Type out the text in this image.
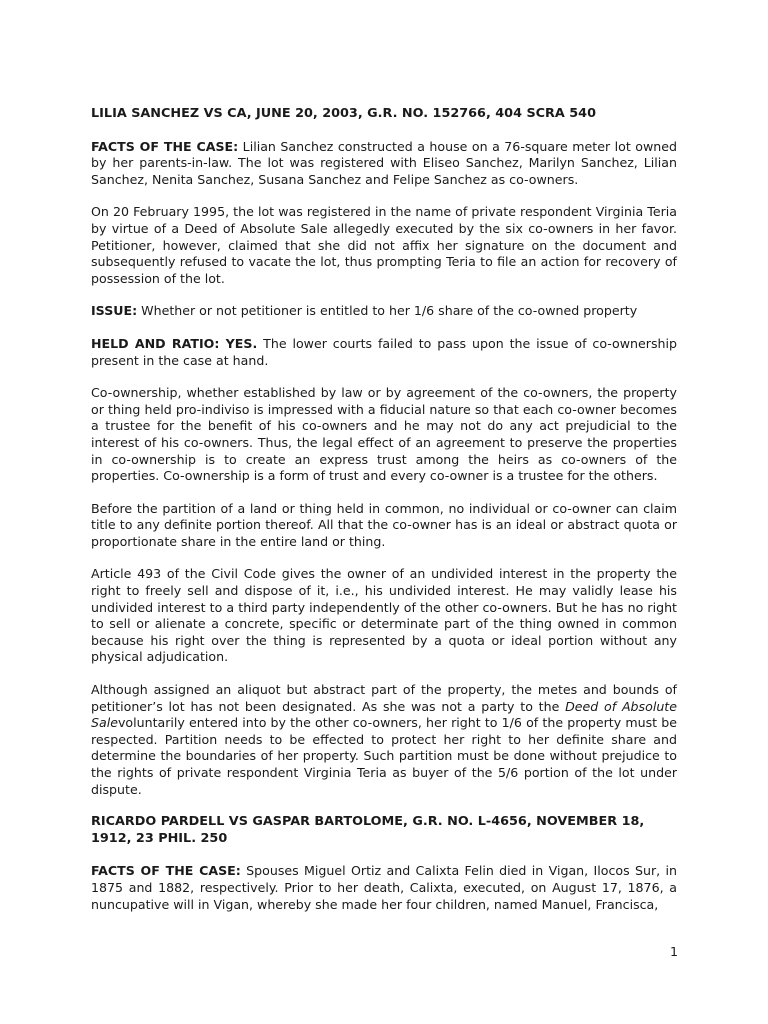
LILIA SANCHEZ VS CA, JUNE 20, 2003, G.R. NO. 152766, 404 SCRA 540

FACTS OF THE CASE: Lilian Sanchez constructed a house on a 76-square meter lot owned by her parents-in-law. The lot was registered with Eliseo Sanchez, Marilyn Sanchez, Lilian Sanchez, Nenita Sanchez, Susana Sanchez and Felipe Sanchez as co-owners.

On 20 February 1995, the lot was registered in the name of private respondent Virginia Teria by virtue of a Deed of Absolute Sale allegedly executed by the six co-owners in her favor. Petitioner, however, claimed that she did not affix her signature on the document and subsequently refused to vacate the lot, thus prompting Teria to file an action for recovery of possession of the lot.

ISSUE: Whether or not petitioner is entitled to her 1/6 share of the co-owned property

HELD AND RATIO: YES. The lower courts failed to pass upon the issue of co-ownership present in the case at hand.

Co-ownership, whether established by law or by agreement of the co-owners, the property or thing held pro-indiviso is impressed with a fiducial nature so that each co-owner becomes a trustee for the benefit of his co-owners and he may not do any act prejudicial to the interest of his co-owners. Thus, the legal effect of an agreement to preserve the properties in co-ownership is to create an express trust among the heirs as co-owners of the properties. Co-ownership is a form of trust and every co-owner is a trustee for the others.

Before the partition of a land or thing held in common, no individual or co-owner can claim title to any definite portion thereof. All that the co-owner has is an ideal or abstract quota or proportionate share in the entire land or thing.

Article 493 of the Civil Code gives the owner of an undivided interest in the property the right to freely sell and dispose of it, i.e., his undivided interest. He may validly lease his undivided interest to a third party independently of the other co-owners. But he has no right to sell or alienate a concrete, specific or determinate part of the thing owned in common because his right over the thing is represented by a quota or ideal portion without any physical adjudication.

Although assigned an aliquot but abstract part of the property, the metes and bounds of petitioner’s lot has not been designated. As she was not a party to the Deed of Absolute Salevoluntarily entered into by the other co-owners, her right to 1/6 of the property must be respected. Partition needs to be effected to protect her right to her definite share and determine the boundaries of her property. Such partition must be done without prejudice to the rights of private respondent Virginia Teria as buyer of the 5/6 portion of the lot under dispute.

RICARDO PARDELL VS GASPAR BARTOLOME, G.R. NO. L-4656, NOVEMBER 18, 1912, 23 PHIL. 250

FACTS OF THE CASE: Spouses Miguel Ortiz and Calixta Felin died in Vigan, Ilocos Sur, in 1875 and 1882, respectively. Prior to her death, Calixta, executed, on August 17, 1876, a nuncupative will in Vigan, whereby she made her four children, named Manuel, Francisca,

1
